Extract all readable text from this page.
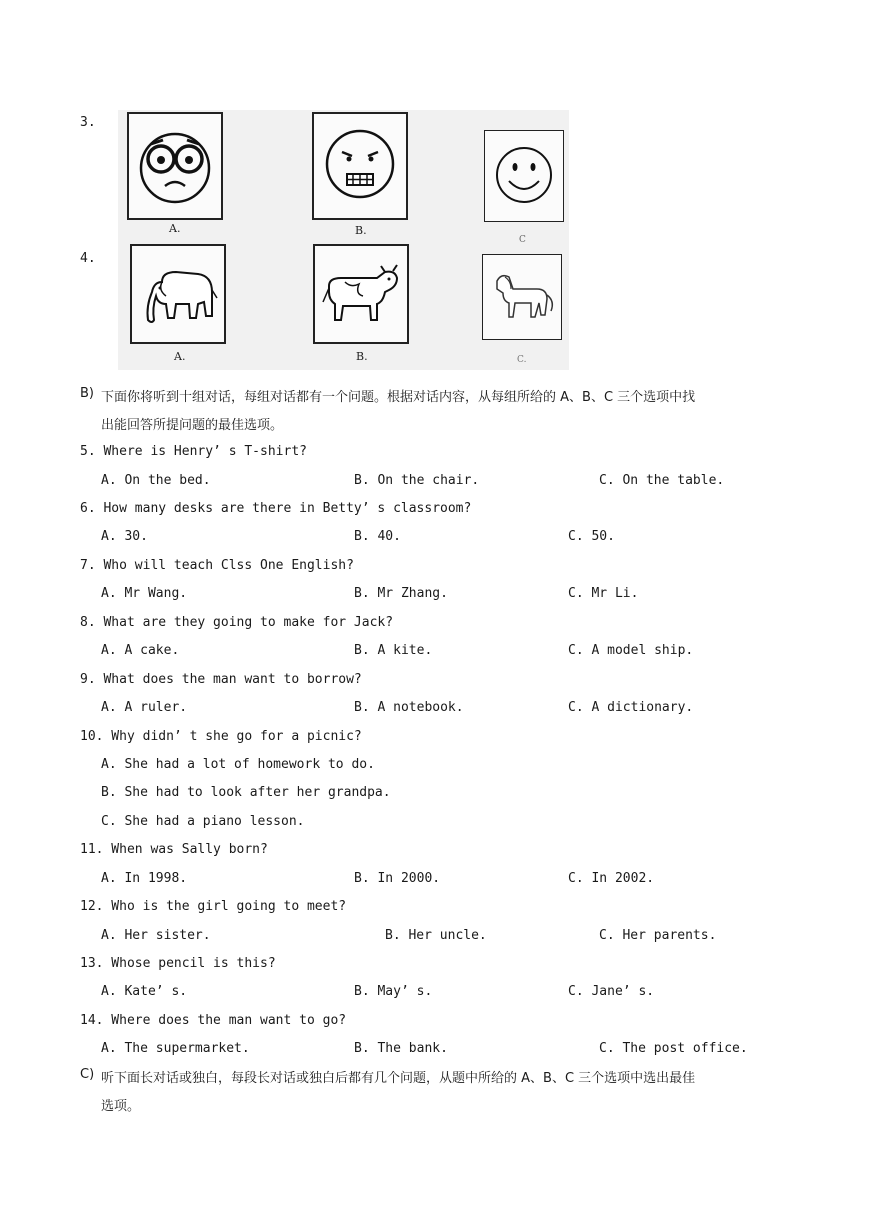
3.
4.
A.	B.
C
A.	B.	C.
B) 下面你将听到十组对话，每组对话都有一个问题。根据对话内容，从每组所给的 A、B、C 三个选项中找
出能回答所提问题的最佳选项。
5. Where is Henry’ s T-shirt?
A. On the bed.	B. On the chair.	C. On the table.
6. How many desks are there in Betty’ s classroom?
A. 30.	B. 40.	C. 50.
7. Who will teach Clss One English?
A. Mr Wang.	B. Mr Zhang.	C. Mr Li.
8. What are they going to make for Jack?
A. A cake.	B. A kite.	C. A model ship.
9. What does the man want to borrow?
A. A ruler.	B. A notebook.	C. A dictionary.
10. Why didn’ t she go for a picnic?
A. She had a lot of homework to do.
B. She had to look after her grandpa.
C. She had a piano lesson.
11. When was Sally born?
A. In 1998.	B. In 2000.	C. In 2002.
12. Who is the girl going to meet?
A. Her sister.	B. Her uncle.	C. Her parents.
13. Whose pencil is this?
A. Kate’ s.	B. May’ s.	C. Jane’ s.
14. Where does the man want to go?
A. The supermarket.	B. The bank.	C. The post office.
C) 听下面长对话或独白，每段长对话或独白后都有几个问题，从题中所给的 A、B、C 三个选项中选出最佳
选项。
